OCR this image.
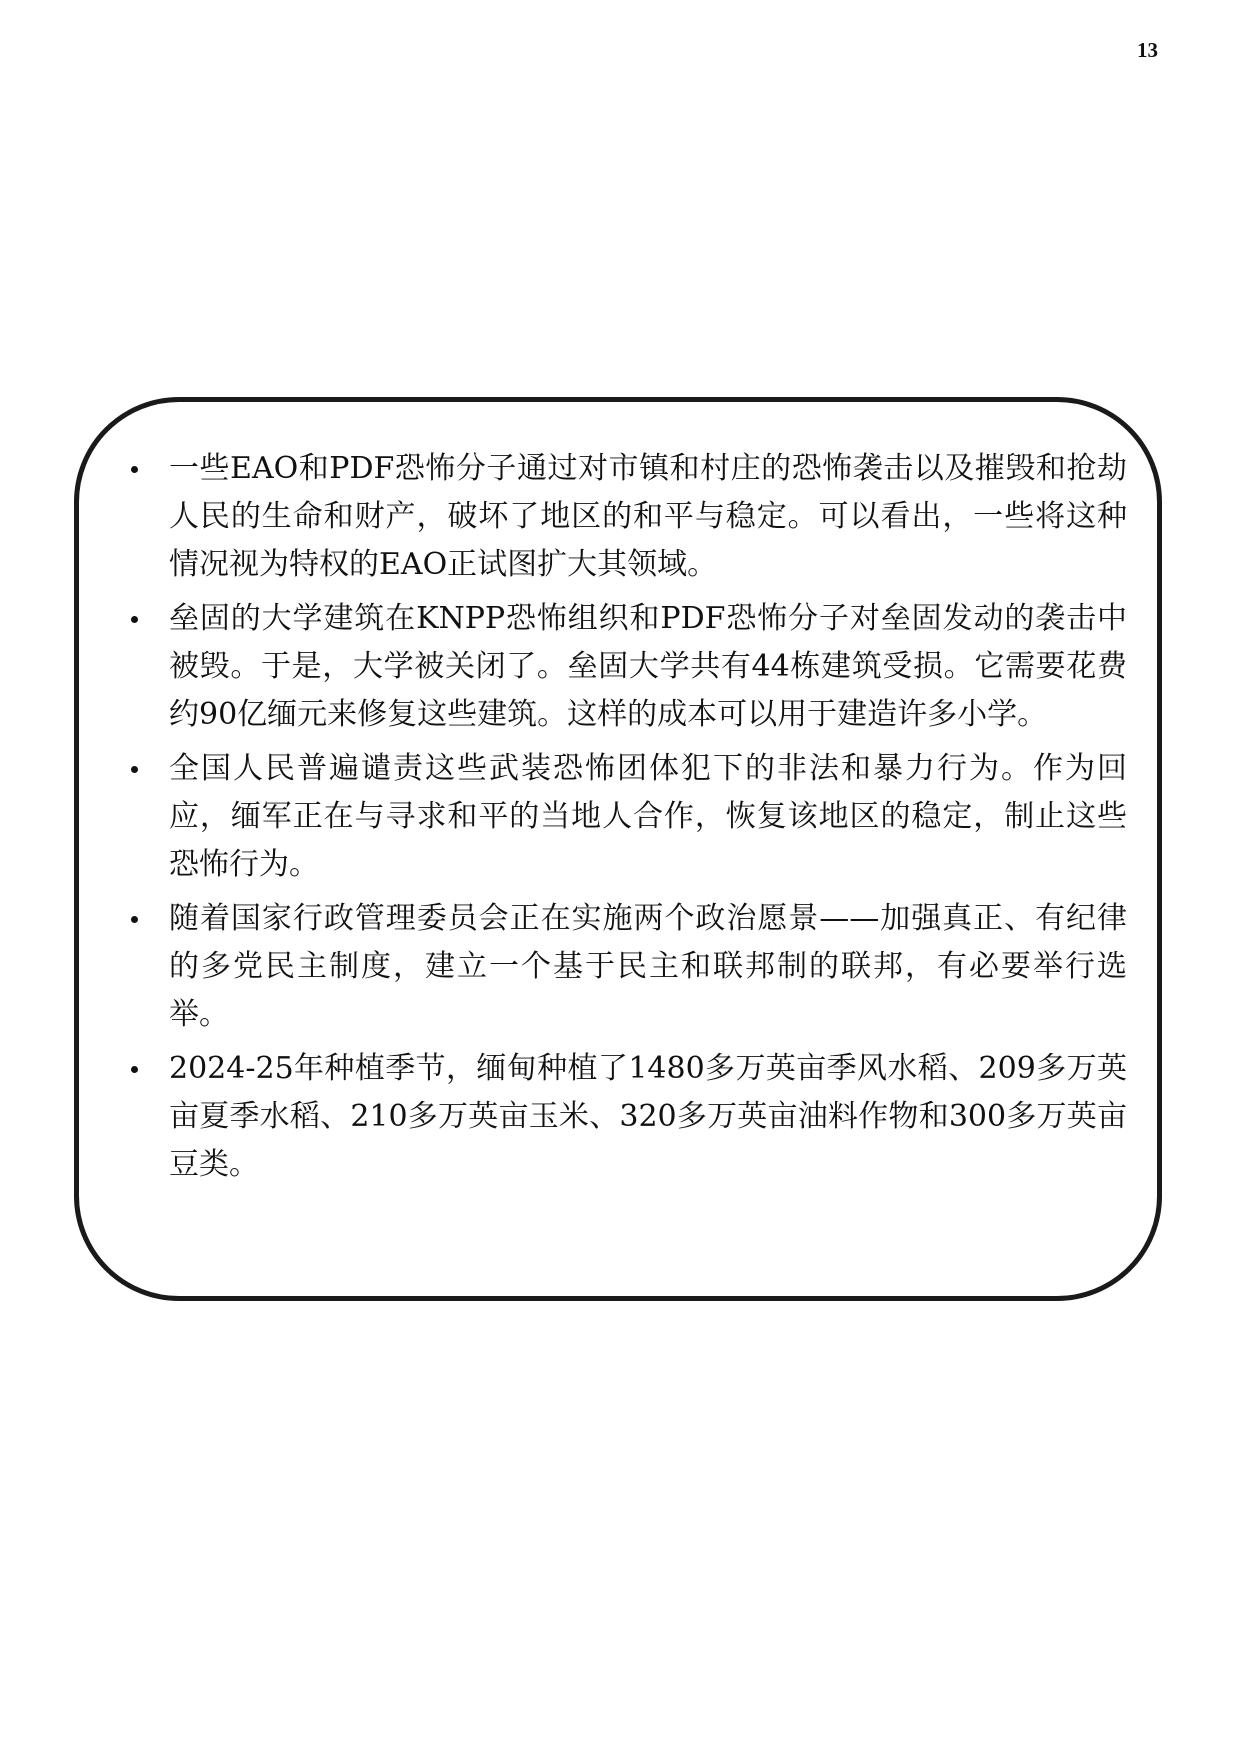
13
一些EAO和PDF恐怖分子通过对市镇和村庄的恐怖袭击以及摧毁和抢劫人民的生命和财产，破坏了地区的和平与稳定。可以看出，一些将这种情况视为特权的EAO正试图扩大其领域。
垒固的大学建筑在KNPP恐怖组织和PDF恐怖分子对垒固发动的袭击中被毁。于是，大学被关闭了。垒固大学共有44栋建筑受损。它需要花费约90亿缅元来修复这些建筑。这样的成本可以用于建造许多小学。
全国人民普遍谴责这些武装恐怖团体犯下的非法和暴力行为。作为回应，缅军正在与寻求和平的当地人合作，恢复该地区的稳定，制止这些恐怖行为。
随着国家行政管理委员会正在实施两个政治愿景——加强真正、有纪律的多党民主制度，建立一个基于民主和联邦制的联邦，有必要举行选举。
2024-25年种植季节，缅甸种植了1480多万英亩季风水稻、209多万英亩夏季水稻、210多万英亩玉米、320多万英亩油料作物和300多万英亩豆类。
